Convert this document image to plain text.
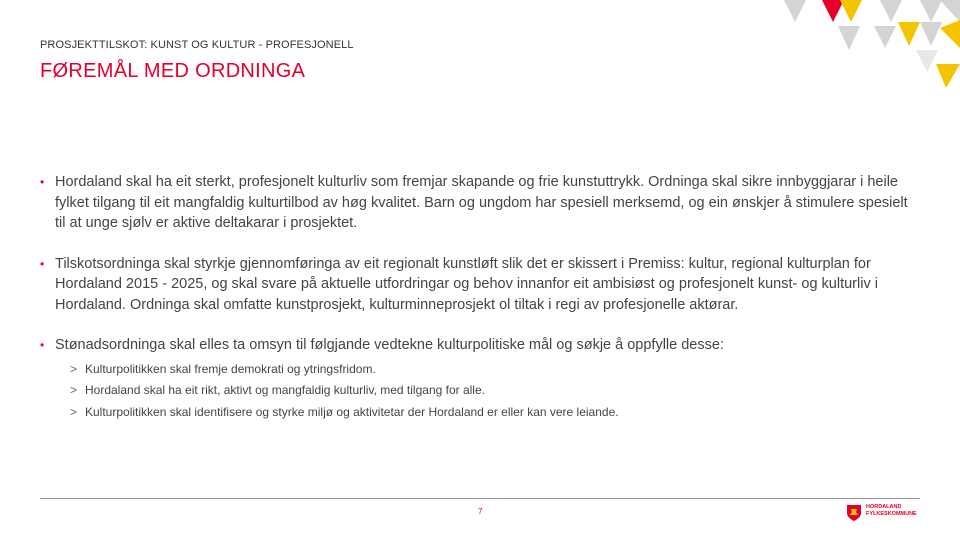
PROSJEKTTILSKOT: KUNST OG KULTUR - PROFESJONELL
FØREMÅL MED ORDNINGA
• Hordaland skal ha eit sterkt, profesjonelt kulturliv som fremjar skapande og frie kunstuttrykk. Ordninga skal sikre innbyggjarar i heile fylket tilgang til eit mangfaldig kulturtilbod av høg kvalitet. Barn og ungdom har spesiell merksemd, og ein ønskjer å stimulere spesielt til at unge sjølv er aktive deltakarar i prosjektet.
• Tilskotsordninga skal styrkje gjennomføringa av eit regionalt kunstløft slik det er skissert i Premiss: kultur, regional kulturplan for Hordaland 2015 - 2025, og skal svare på aktuelle utfordringar og behov innanfor eit ambisiøst og profesjonelt kunst- og kulturliv i Hordaland. Ordninga skal omfatte kunstprosjekt, kulturminneprosjekt ol tiltak i regi av profesjonelle aktørar.
• Stønadsordninga skal elles ta omsyn til følgjande vedtekne kulturpolitiske mål og søkje å oppfylle desse:
> Kulturpolitikken skal fremje demokrati og ytringsfridom.
> Hordaland skal ha eit rikt, aktivt og mangfaldig kulturliv, med tilgang for alle.
> Kulturpolitikken skal identifisere og styrke miljø og aktivitetar der Hordaland er eller kan vere leiande.
7	HORDALAND
FYLKESKOMMUNE
